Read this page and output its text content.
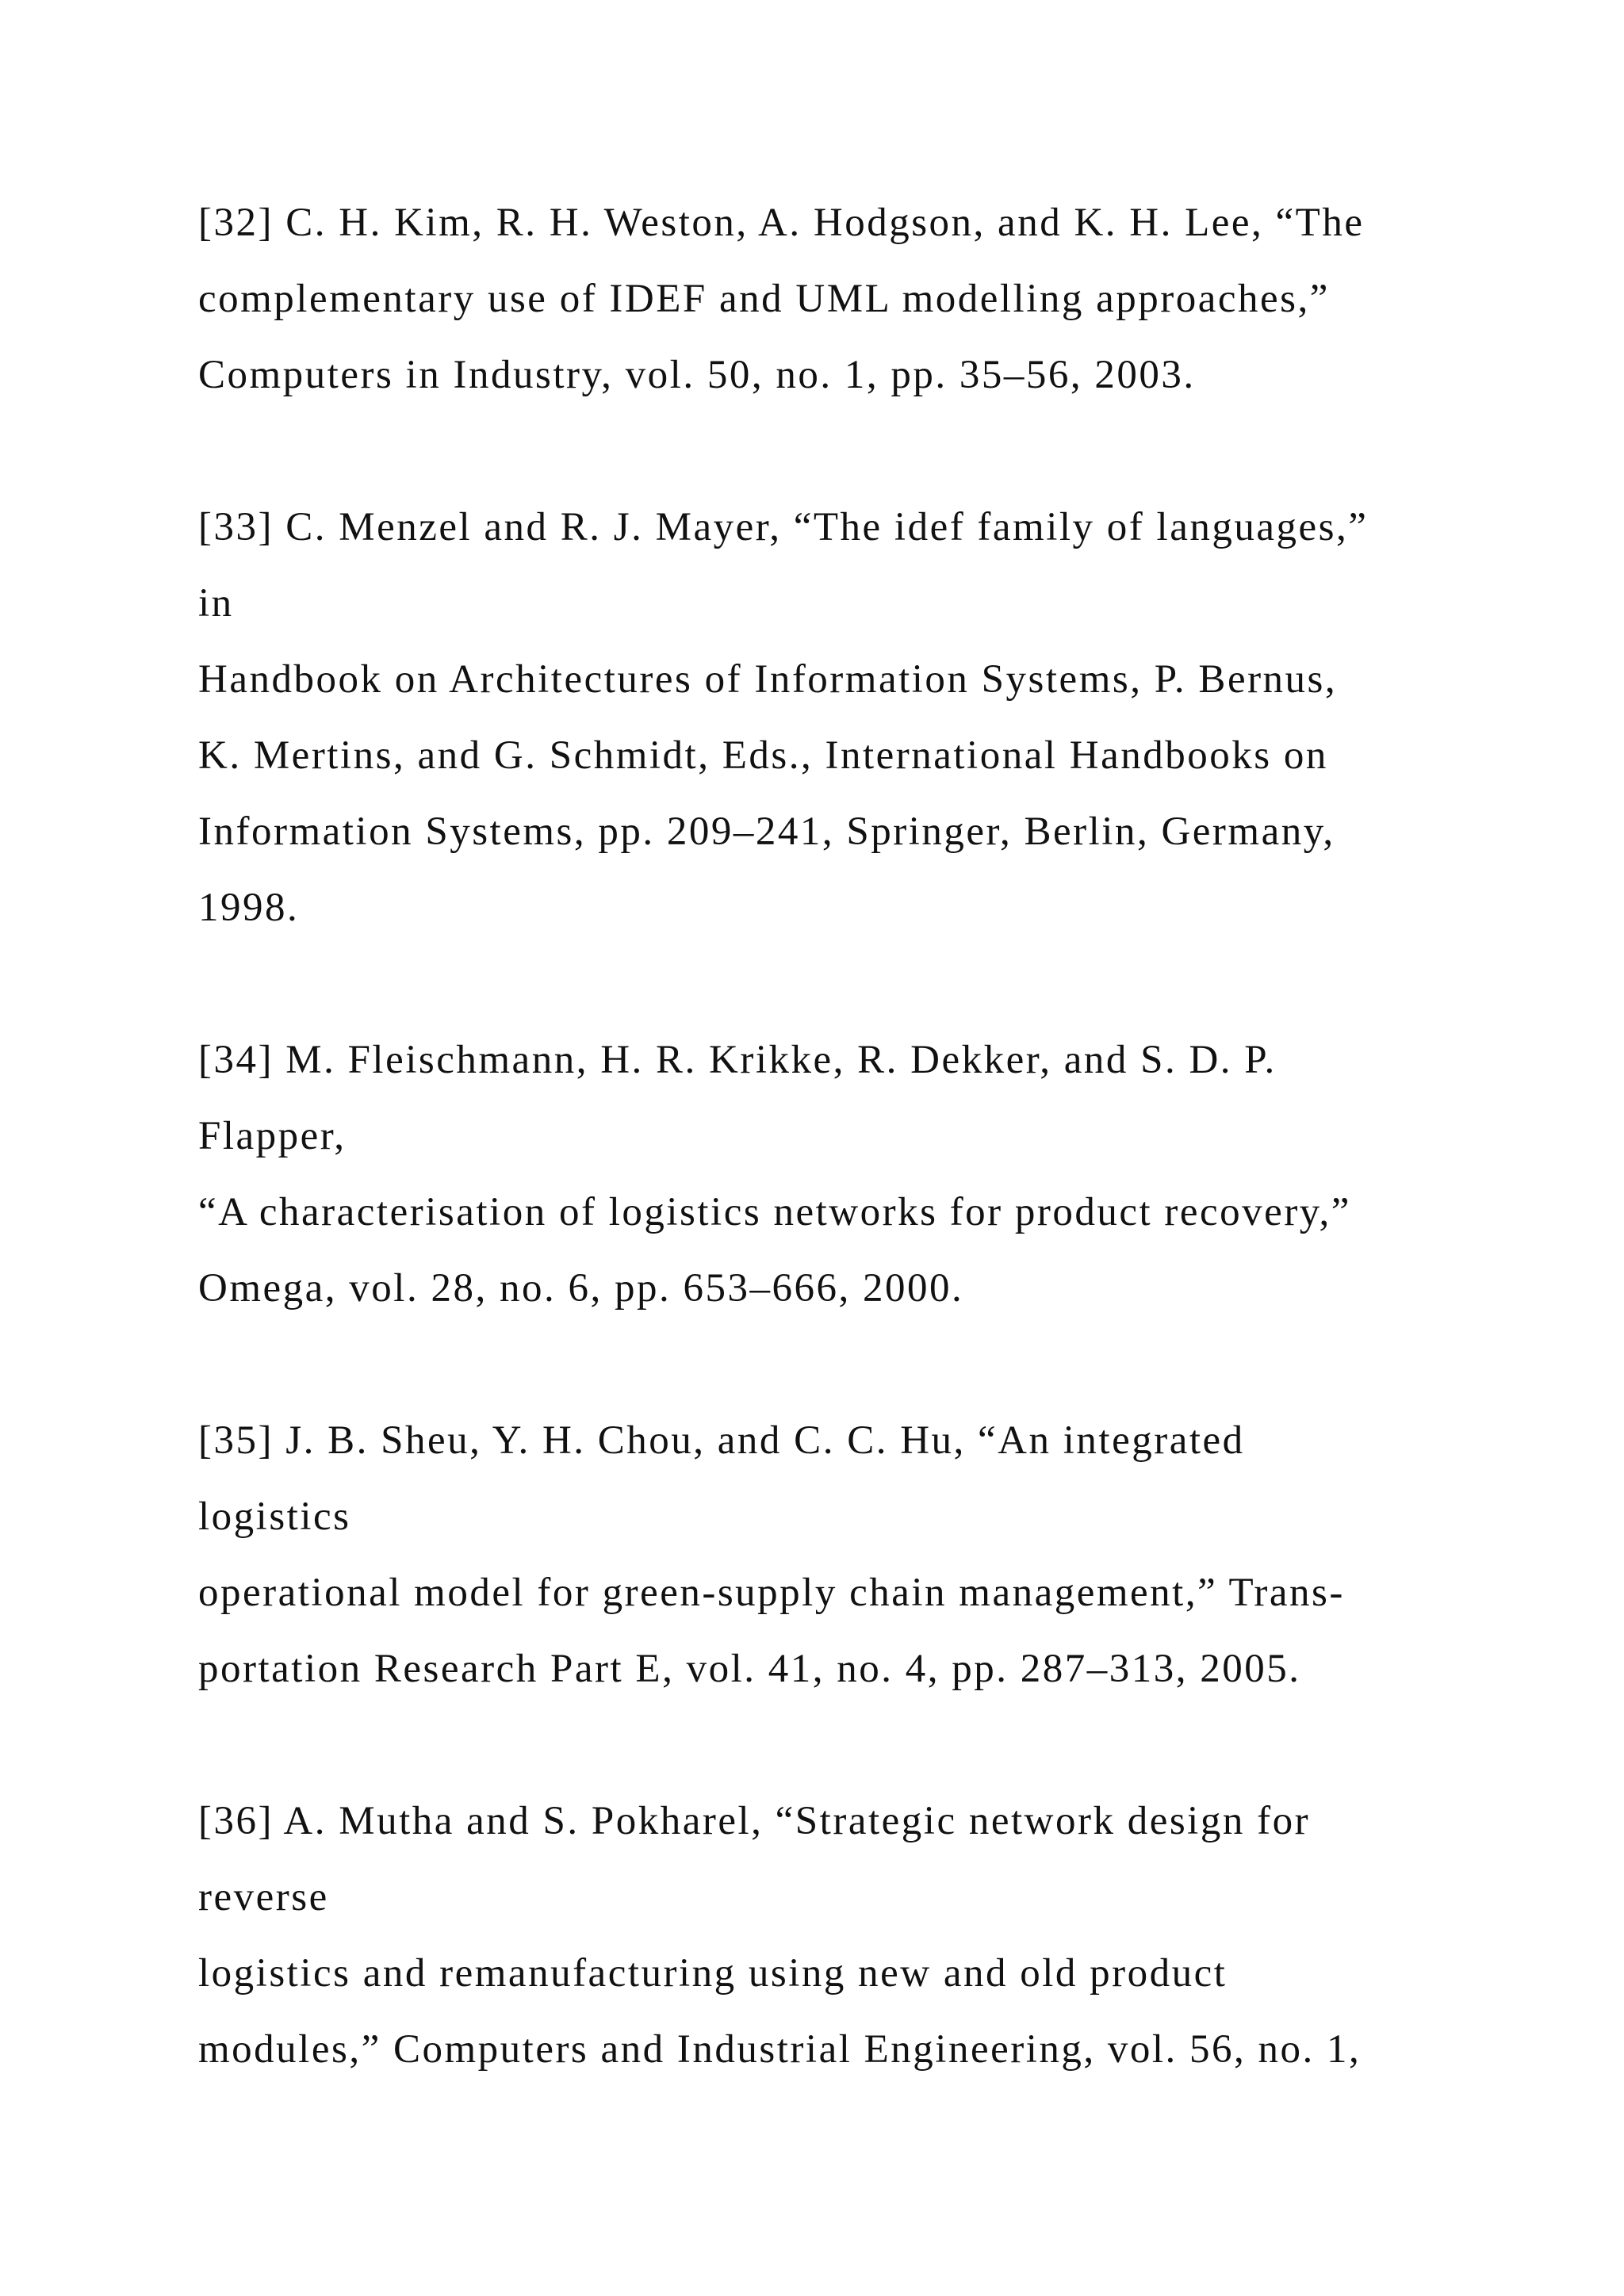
[32] C. H. Kim, R. H. Weston, A. Hodgson, and K. H. Lee, “The
complementary use of IDEF and UML modelling approaches,”
Computers in Industry, vol. 50, no. 1, pp. 35–56, 2003.
[33] C. Menzel and R. J. Mayer, “The idef family of languages,”
in
Handbook on Architectures of Information Systems, P. Bernus,
K. Mertins, and G. Schmidt, Eds., International Handbooks on
Information Systems, pp. 209–241, Springer, Berlin, Germany,
1998.
[34] M. Fleischmann, H. R. Krikke, R. Dekker, and S. D. P.
Flapper,
“A characterisation of logistics networks for product recovery,”
Omega, vol. 28, no. 6, pp. 653–666, 2000.
[35] J. B. Sheu, Y. H. Chou, and C. C. Hu, “An integrated
logistics
operational model for green-supply chain management,” Trans-
portation Research Part E, vol. 41, no. 4, pp. 287–313, 2005.
[36] A. Mutha and S. Pokharel, “Strategic network design for
reverse
logistics and remanufacturing using new and old product
modules,” Computers and Industrial Engineering, vol. 56, no. 1,
